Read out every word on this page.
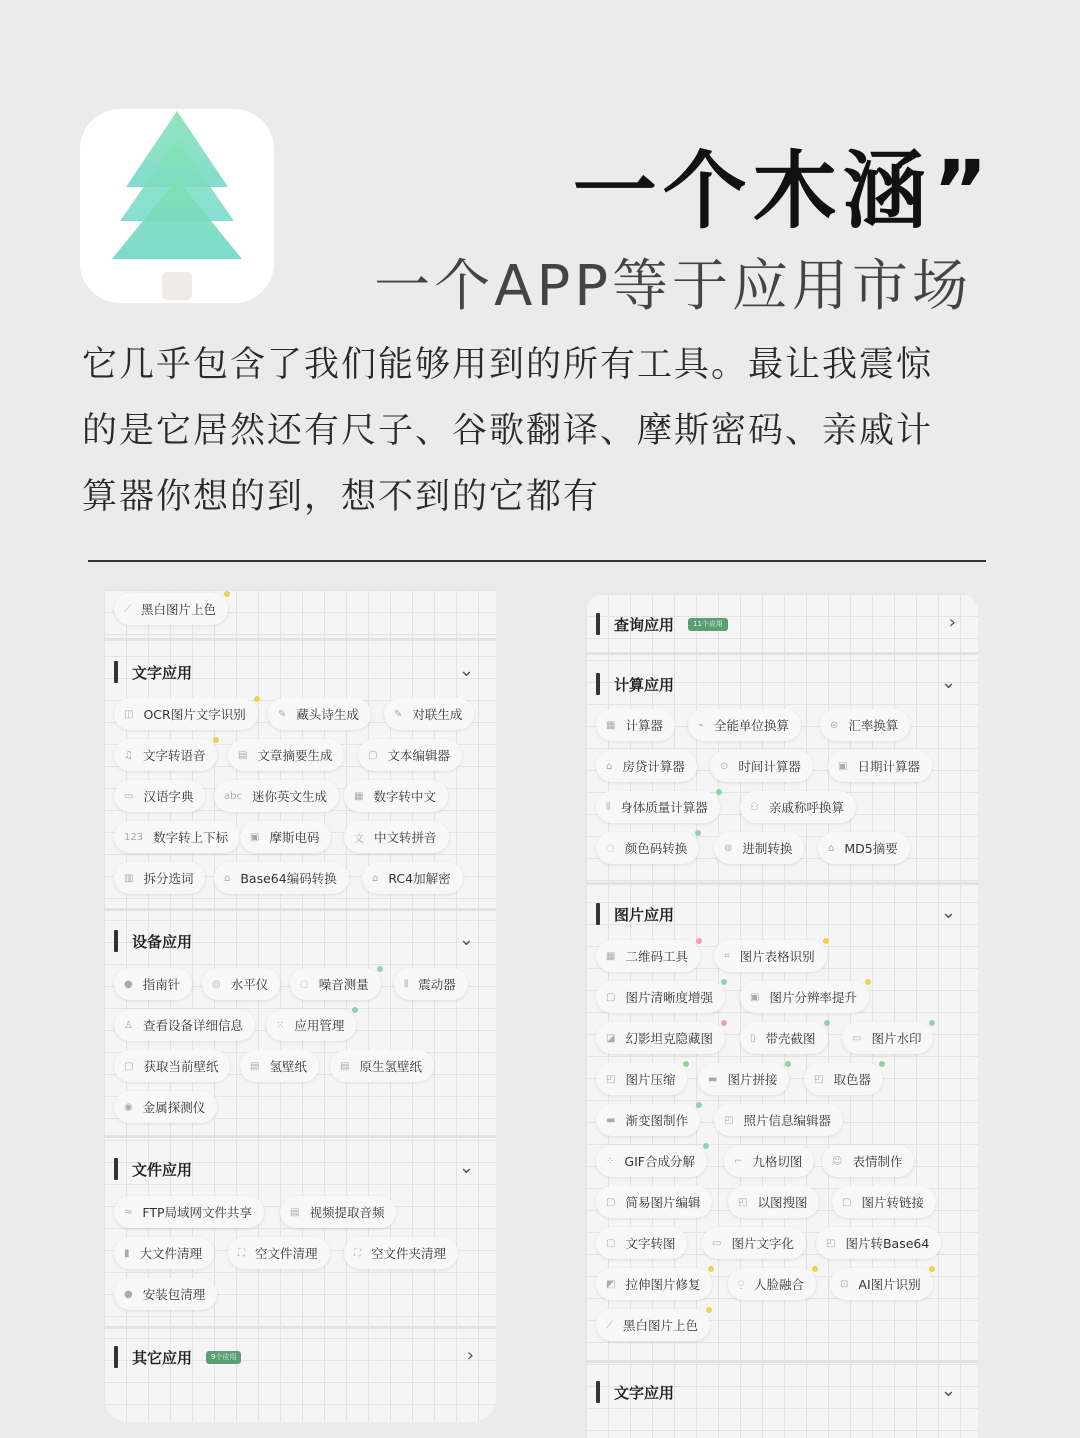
一个木涵”
一个APP等于应用市场
它几乎包含了我们能够用到的所有工具。最让我震惊
的是它居然还有尺子、谷歌翻译、摩斯密码、亲戚计
算器你想的到，想不到的它都有
⟋ 黑白图片上色
文字应用	⌄
◫ OCR图片文字识别	✎ 藏头诗生成	✎ 对联生成
♫ 文字转语音	▤ 文章摘要生成	▢ 文本编辑器
▭ 汉语字典	abc 迷你英文生成	▦ 数字转中文
123 数字转上下标 ▣ 摩斯电码	文 中文转拼音
▥ 拆分选词	⌂ Base64编码转换	⌂ RC4加解密
设备应用	⌄
● 指南针	◎ 水平仪	◌ 噪音测量	⫴ 震动器
♙ 查看设备详细信息	⁙ 应用管理
▢ 获取当前壁纸	▤ 氢壁纸	▤ 原生氢壁纸
◉ 金属探测仪
文件应用	⌄
≈ FTP局域网文件共享	▤ 视频提取音频
▮ 大文件清理	⛶ 空文件清理	⛶ 空文件夹清理
● 安装包清理
其它应用	9个应用	›
查询应用	11个应用	›
计算应用	⌄
▦ 计算器	⌁ 全能单位换算	⊜ 汇率换算
⌂ 房贷计算器	⊙ 时间计算器	▣ 日期计算器
⫴ 身体质量计算器	⚇ 亲戚称呼换算
◌ 颜色码转换	⊛ 进制转换	⌂ MD5摘要
图片应用	⌄
▦ 二维码工具	⌗ 图片表格识别
▢ 图片清晰度增强	▣ 图片分辨率提升
◪ 幻影坦克隐藏图	▯ 带壳截图	▭ 图片水印
◰ 图片压缩	▬ 图片拼接	◰ 取色器
▬ 渐变图制作	◰ 照片信息编辑器
⁘ GIF合成分解	⌐ 九格切图	☺ 表情制作
▢ 简易图片编辑	◰ 以图搜图	▢ 图片转链接
▢ 文字转图	▭ 图片文字化	◰ 图片转Base64
◩ 拉伸图片修复	⍜ 人脸融合	⊡ AI图片识别
⟋ 黑白图片上色
文字应用	⌄
